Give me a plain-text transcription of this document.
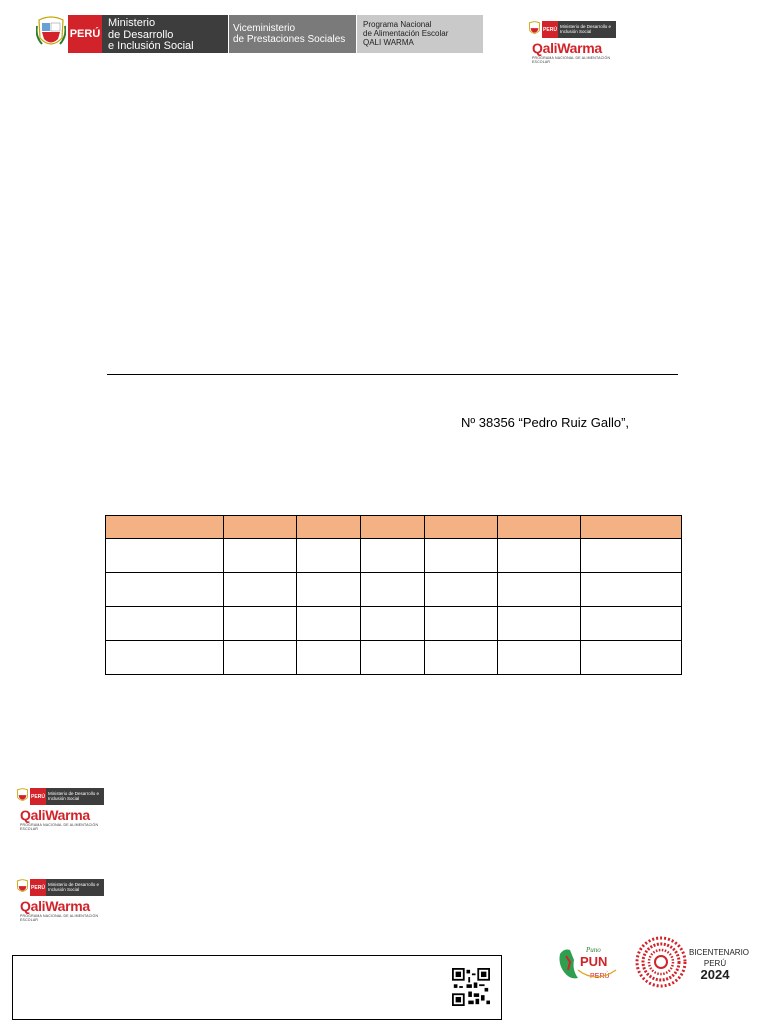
PERÚ
Ministerio
de Desarrollo
e Inclusión Social
Viceministerio
de Prestaciones Sociales
Programa Nacional
de Alimentación Escolar
QALI WARMA
PERÚ Ministerio de Desarrollo e Inclusión Social
QaliWarma
PROGRAMA NACIONAL DE ALIMENTACIÓN ESCOLAR
Nº 38356 “Pedro Ruiz Gallo”,

PERÚ Ministerio de Desarrollo e Inclusión Social
QaliWarma
PROGRAMA NACIONAL DE ALIMENTACIÓN ESCOLAR
PERÚ Ministerio de Desarrollo e Inclusión Social
QaliWarma
PROGRAMA NACIONAL DE ALIMENTACIÓN ESCOLAR
Puno
PUN
PERÚ
BICENTENARIO
PERÚ
2024
